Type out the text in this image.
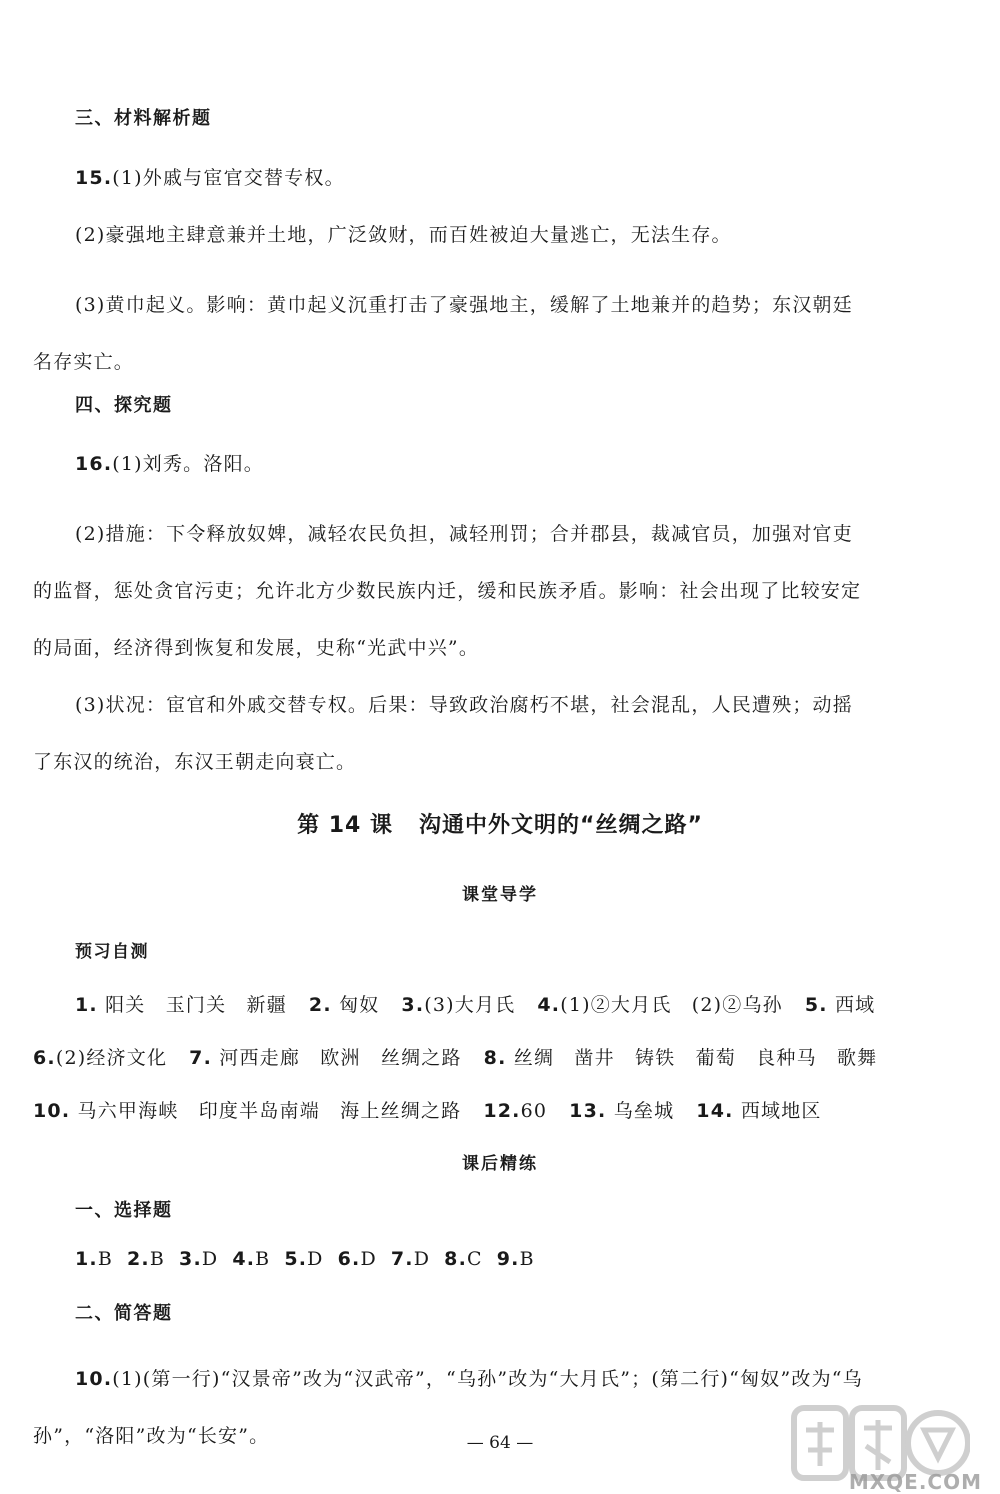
三、材料解析题
15.(1)外戚与宦官交替专权。
(2)豪强地主肆意兼并土地，广泛敛财，而百姓被迫大量逃亡，无法生存。
(3)黄巾起义。影响：黄巾起义沉重打击了豪强地主，缓解了土地兼并的趋势；东汉朝廷名存实亡。
四、探究题
16.(1)刘秀。洛阳。
(2)措施：下令释放奴婢，减轻农民负担，减轻刑罚；合并郡县，裁减官员，加强对官吏的监督，惩处贪官污吏；允许北方少数民族内迁，缓和民族矛盾。影响：社会出现了比较安定的局面，经济得到恢复和发展，史称“光武中兴”。
(3)状况：宦官和外戚交替专权。后果：导致政治腐朽不堪，社会混乱，人民遭殃；动摇了东汉的统治，东汉王朝走向衰亡。
第 14 课 沟通中外文明的“丝绸之路”
课堂导学
预习自测
1. 阳关　玉门关　新疆 2. 匈奴 3.(3)大月氏 4.(1)②大月氏　(2)②乌孙 5. 西域
6.(2)经济文化 7. 河西走廊　欧洲　丝绸之路 8. 丝绸　凿井　铸铁　葡萄　良种马　歌舞
10. 马六甲海峡　印度半岛南端　海上丝绸之路 12.60 13. 乌垒城 14. 西域地区
课后精练
一、选择题
1.B 2.B 3.D 4.B 5.D 6.D 7.D 8.C 9.B
二、简答题
10.(1)(第一行)“汉景帝”改为“汉武帝”，“乌孙”改为“大月氏”；(第二行)“匈奴”改为“乌孙”，“洛阳”改为“长安”。	— 64 —
MXQE.COM
